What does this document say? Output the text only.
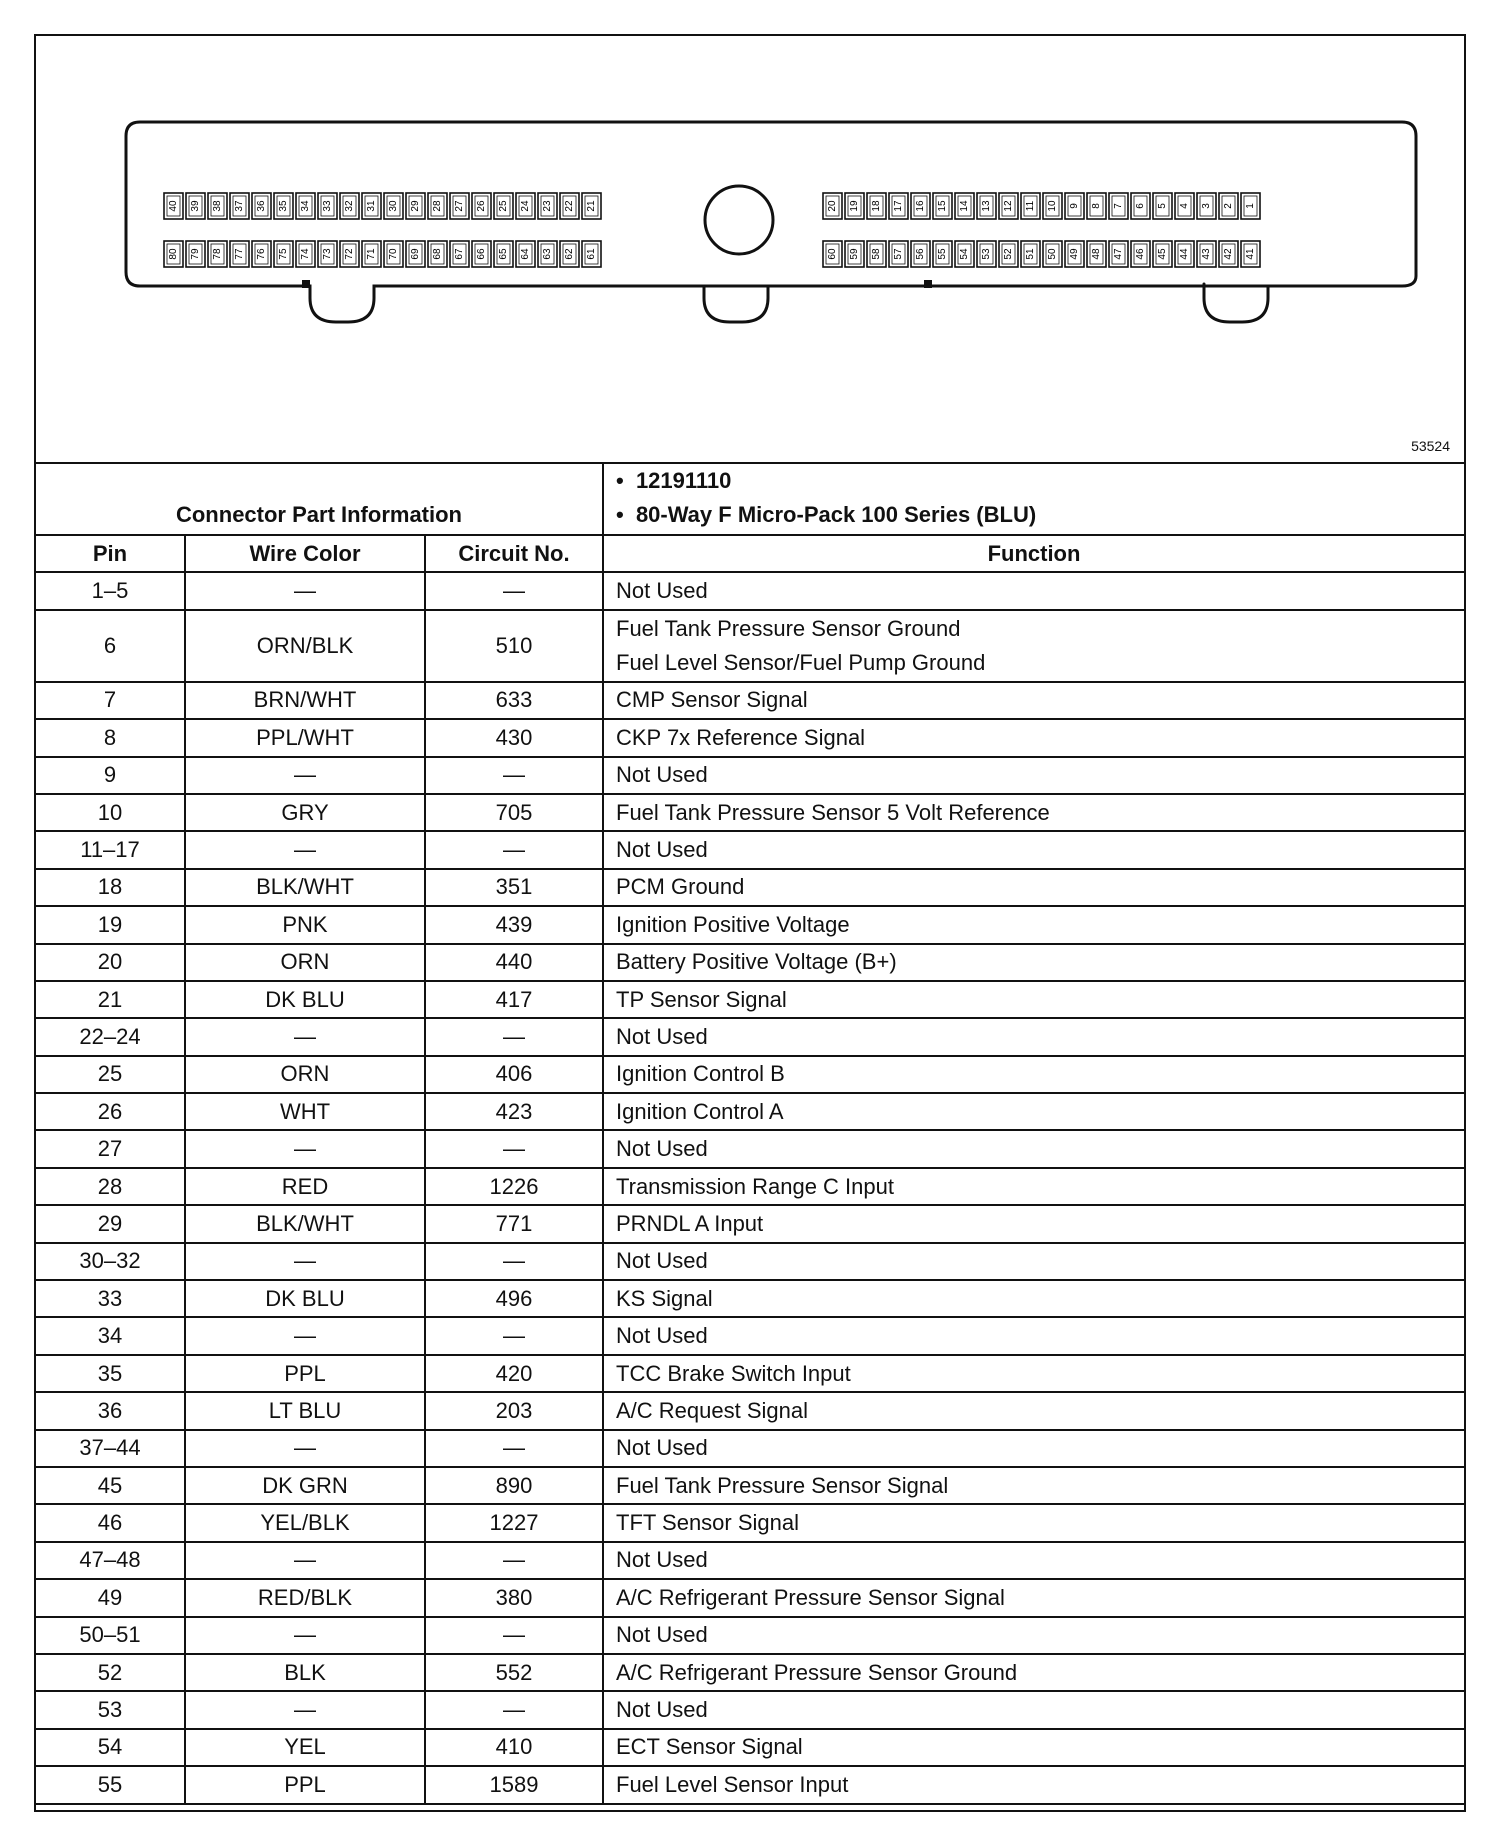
40 39 38 37 36 35 34 33 32 31 30 29 28 27 26 25 24 23 22 21
80 79 78 77 76 75 74 73 72 71 70 69 68 67 66 65 64 63 62 61
20 19 18 17 16 15 14 13 12 11 10 9 8 7 6 5 4 3 2 1
60 59 58 57 56 55 54 53 52 51 50 49 48 47 46 45 44 43 42 41
53524
Connector Part Information			•  12191110
•  80-Way F Micro-Pack 100 Series (BLU)

Pin	Wire Color	Circuit No.	Function
1–5	—	—	Not Used

6	ORN/BLK	510	Fuel Tank Pressure Sensor Ground
Fuel Level Sensor/Fuel Pump Ground

7	BRN/WHT	633	CMP Sensor Signal

8	PPL/WHT	430	CKP 7x Reference Signal

9	—	—	Not Used

10	GRY	705	Fuel Tank Pressure Sensor 5 Volt Reference

11–17	—	—	Not Used

18	BLK/WHT	351	PCM Ground

19	PNK	439	Ignition Positive Voltage

20	ORN	440	Battery Positive Voltage (B+)

21	DK BLU	417	TP Sensor Signal

22–24	—	—	Not Used

25	ORN	406	Ignition Control B

26	WHT	423	Ignition Control A

27	—	—	Not Used

28	RED	1226	Transmission Range C Input

29	BLK/WHT	771	PRNDL A Input

30–32	—	—	Not Used

33	DK BLU	496	KS Signal

34	—	—	Not Used

35	PPL	420	TCC Brake Switch Input

36	LT BLU	203	A/C Request Signal

37–44	—	—	Not Used

45	DK GRN	890	Fuel Tank Pressure Sensor Signal

46	YEL/BLK	1227	TFT Sensor Signal

47–48	—	—	Not Used

49	RED/BLK	380	A/C Refrigerant Pressure Sensor Signal

50–51	—	—	Not Used

52	BLK	552	A/C Refrigerant Pressure Sensor Ground

53	—	—	Not Used

54	YEL	410	ECT Sensor Signal

55	PPL	1589	Fuel Level Sensor Input
